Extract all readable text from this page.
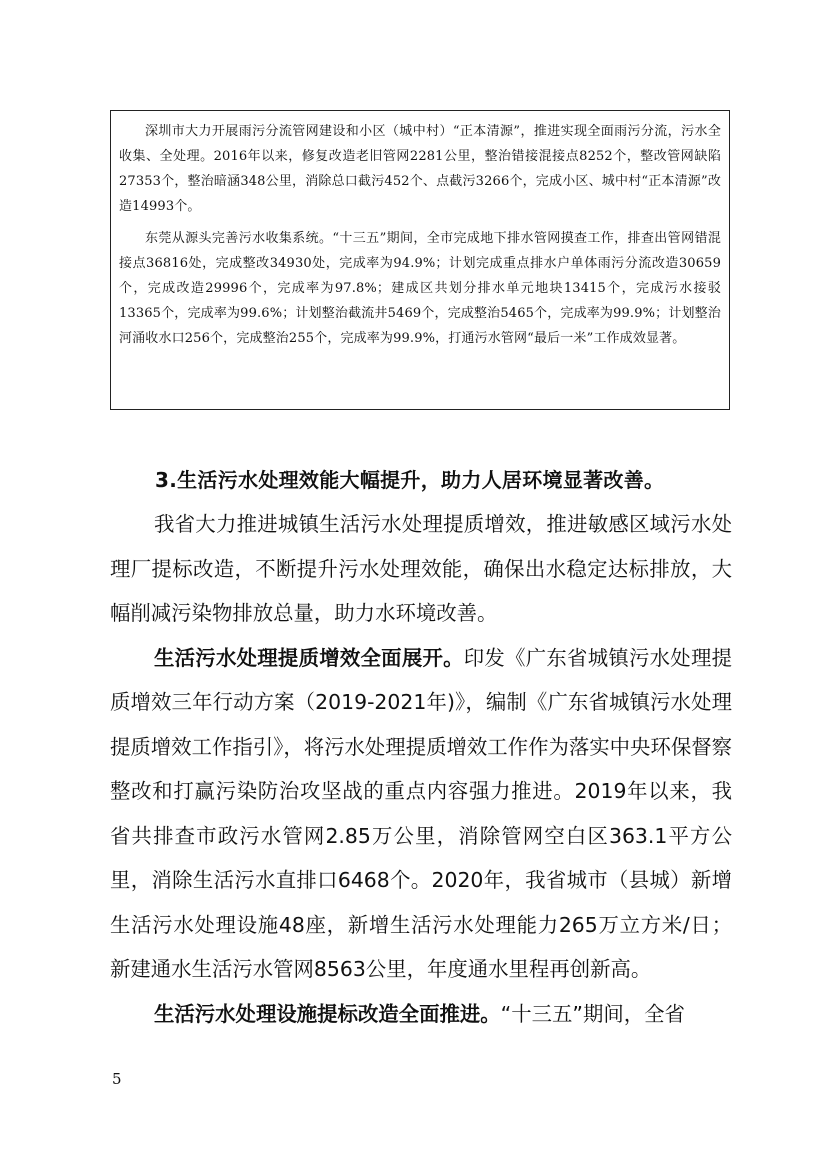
深圳市大力开展雨污分流管网建设和小区（城中村）“正本清源”，推进实现全面雨污分流，污水全收集、全处理。2016年以来，修复改造老旧管网2281公里，整治错接混接点8252个，整改管网缺陷27353个，整治暗涵348公里，消除总口截污452个、点截污3266个，完成小区、城中村“正本清源”改造14993个。

东莞从源头完善污水收集系统。“十三五”期间，全市完成地下排水管网摸查工作，排查出管网错混接点36816处，完成整改34930处，完成率为94.9%；计划完成重点排水户单体雨污分流改造30659个，完成改造29996个，完成率为97.8%；建成区共划分排水单元地块13415个，完成污水接驳13365个，完成率为99.6%；计划整治截流井5469个，完成整治5465个，完成率为99.9%；计划整治河涌收水口256个，完成整治255个，完成率为99.9%，打通污水管网“最后一米”工作成效显著。

3.生活污水处理效能大幅提升，助力人居环境显著改善。

我省大力推进城镇生活污水处理提质增效，推进敏感区域污水处理厂提标改造，不断提升污水处理效能，确保出水稳定达标排放，大幅削减污染物排放总量，助力水环境改善。

生活污水处理提质增效全面展开。印发《广东省城镇污水处理提质增效三年行动方案（2019-2021年)》，编制《广东省城镇污水处理提质增效工作指引》，将污水处理提质增效工作作为落实中央环保督察整改和打赢污染防治攻坚战的重点内容强力推进。2019年以来，我省共排查市政污水管网2.85万公里，消除管网空白区363.1平方公里，消除生活污水直排口6468个。2020年，我省城市（县城）新增生活污水处理设施48座，新增生活污水处理能力265万立方米/日；新建通水生活污水管网8563公里，年度通水里程再创新高。

生活污水处理设施提标改造全面推进。“十三五”期间，全省

5
